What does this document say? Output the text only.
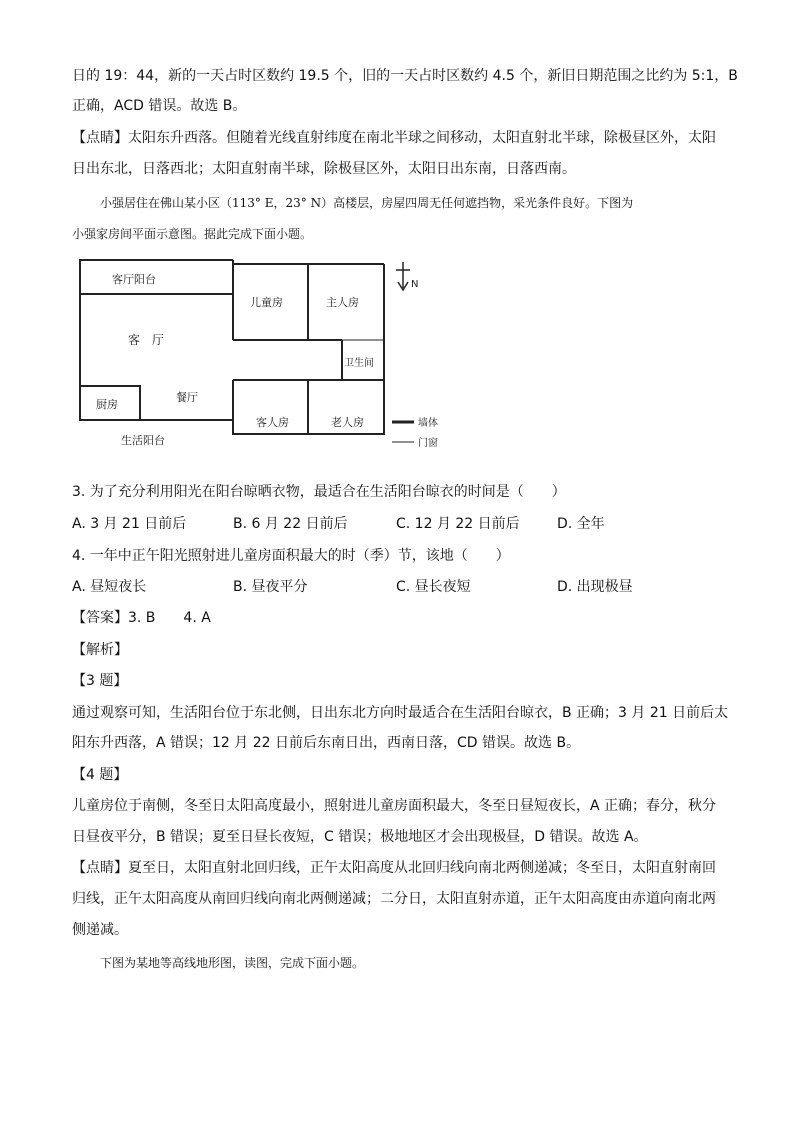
日的 19：44，新的一天占时区数约 19.5 个，旧的一天占时区数约 4.5 个，新旧日期范围之比约为 5:1，B
正确，ACD 错误。故选 B。
【点睛】太阳东升西落。但随着光线直射纬度在南北半球之间移动，太阳直射北半球，除极昼区外，太阳
日出东北，日落西北；太阳直射南半球，除极昼区外，太阳日出东南，日落西南。
小强居住在佛山某小区（113° E，23° N）高楼层，房屋四周无任何遮挡物，采光条件良好。下图为
小强家房间平面示意图。据此完成下面小题。
客厅阳台
客　厅
儿童房	主人房
卫生间
厨房
餐厅
生活阳台
客人房	老人房
N
墙体
门窗
3. 为了充分利用阳光在阳台晾晒衣物，最适合在生活阳台晾衣的时间是（　　）
A. 3 月 21 日前后	B. 6 月 22 日前后	C. 12 月 22 日前后	D. 全年
4. 一年中正午阳光照射进儿童房面积最大的时（季）节，该地（　　）
A. 昼短夜长	B. 昼夜平分	C. 昼长夜短	D. 出现极昼
【答案】3. B　　4. A
【解析】
【3 题】
通过观察可知，生活阳台位于东北侧，日出东北方向时最适合在生活阳台晾衣，B 正确；3 月 21 日前后太
阳东升西落，A 错误；12 月 22 日前后东南日出，西南日落，CD 错误。故选 B。
【4 题】
儿童房位于南侧，冬至日太阳高度最小，照射进儿童房面积最大，冬至日昼短夜长，A 正确；春分，秋分
日昼夜平分，B 错误；夏至日昼长夜短，C 错误；极地地区才会出现极昼，D 错误。故选 A。
【点睛】夏至日，太阳直射北回归线，正午太阳高度从北回归线向南北两侧递减；冬至日，太阳直射南回
归线，正午太阳高度从南回归线向南北两侧递减；二分日，太阳直射赤道，正午太阳高度由赤道向南北两
侧递减。
下图为某地等高线地形图，读图，完成下面小题。
